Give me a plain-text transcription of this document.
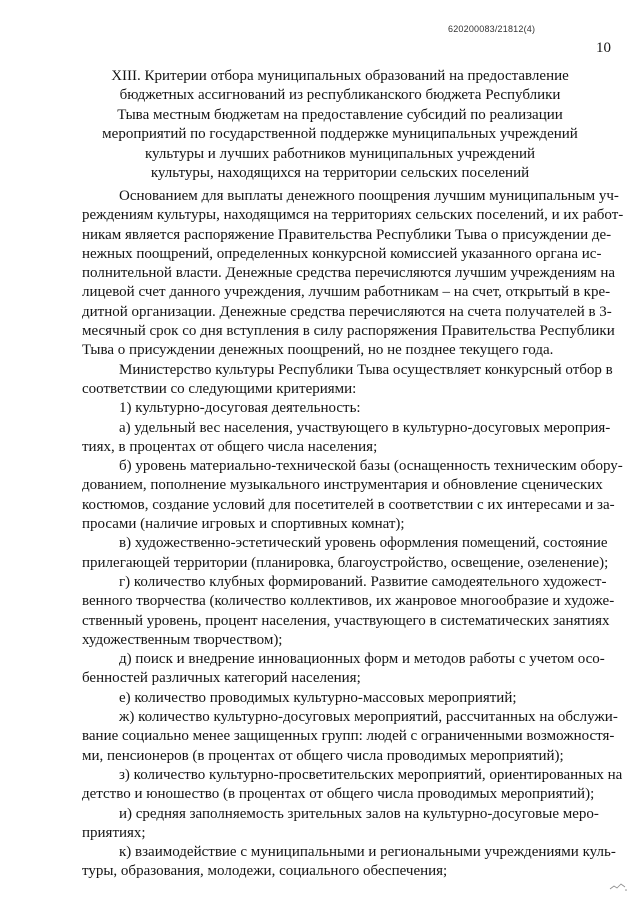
620200083/21812(4)
10
XIII. Критерии отбора муниципальных образований на предоставление
бюджетных ассигнований из республиканского бюджета Республики
Тыва местным бюджетам на предоставление субсидий по реализации
мероприятий по государственной поддержке муниципальных учреждений
культуры и лучших работников муниципальных учреждений
культуры, находящихся на территории сельских поселений
Основанием для выплаты денежного поощрения лучшим муниципальным уч-
реждениям культуры, находящимся на территориях сельских поселений, и их работ-
никам является распоряжение Правительства Республики Тыва о присуждении де-
нежных поощрений, определенных конкурсной комиссией указанного органа ис-
полнительной власти. Денежные средства перечисляются лучшим учреждениям на
лицевой счет данного учреждения, лучшим работникам – на счет, открытый в кре-
дитной организации. Денежные средства перечисляются на счета получателей в 3-
месячный срок со дня вступления в силу распоряжения Правительства Республики
Тыва о присуждении денежных поощрений, но не позднее текущего года.
Министерство культуры Республики Тыва осуществляет конкурсный отбор в
соответствии со следующими критериями:
1) культурно-досуговая деятельность:
а) удельный вес населения, участвующего в культурно-досуговых мероприя-
тиях, в процентах от общего числа населения;
б) уровень материально-технической базы (оснащенность техническим обору-
дованием, пополнение музыкального инструментария и обновление сценических
костюмов, создание условий для посетителей в соответствии с их интересами и за-
просами (наличие игровых и спортивных комнат);
в) художественно-эстетический уровень оформления помещений, состояние
прилегающей территории (планировка, благоустройство, освещение, озеленение);
г) количество клубных формирований. Развитие самодеятельного художест-
венного творчества (количество коллективов, их жанровое многообразие и художе-
ственный уровень, процент населения, участвующего в систематических занятиях
художественным творчеством);
д) поиск и внедрение инновационных форм и методов работы с учетом осо-
бенностей различных категорий населения;
е) количество проводимых культурно-массовых мероприятий;
ж) количество культурно-досуговых мероприятий, рассчитанных на обслужи-
вание социально менее защищенных групп: людей с ограниченными возможностя-
ми, пенсионеров (в процентах от общего числа проводимых мероприятий);
з) количество культурно-просветительских мероприятий, ориентированных на
детство и юношество (в процентах от общего числа проводимых мероприятий);
и) средняя заполняемость зрительных залов на культурно-досуговые меро-
приятиях;
к) взаимодействие с муниципальными и региональными учреждениями куль-
туры, образования, молодежи, социального обеспечения;
